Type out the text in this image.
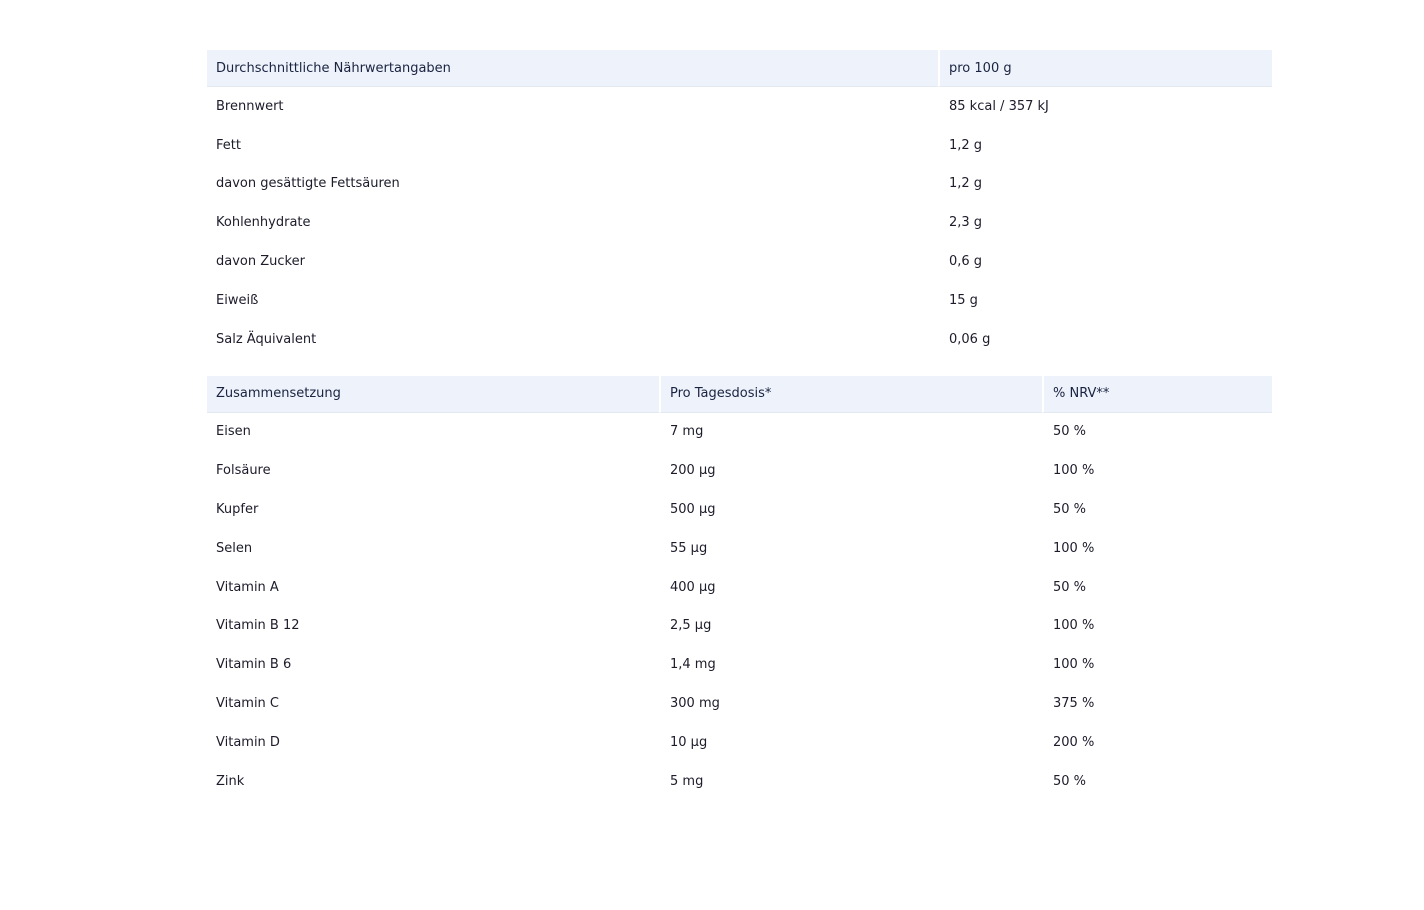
Durchschnittliche Nährwertangaben	pro 100 g
Brennwert	85 kcal / 357 kJ
Fett	1,2 g
davon gesättigte Fettsäuren	1,2 g
Kohlenhydrate	2,3 g
davon Zucker	0,6 g
Eiweiß	15 g
Salz Äquivalent	0,06 g
Zusammensetzung	Pro Tagesdosis*	% NRV**
Eisen	7 mg	50 %
Folsäure	200 µg	100 %
Kupfer	500 µg	50 %
Selen	55 µg	100 %
Vitamin A	400 µg	50 %
Vitamin B 12	2,5 µg	100 %
Vitamin B 6	1,4 mg	100 %
Vitamin C	300 mg	375 %
Vitamin D	10 µg	200 %
Zink	5 mg	50 %
